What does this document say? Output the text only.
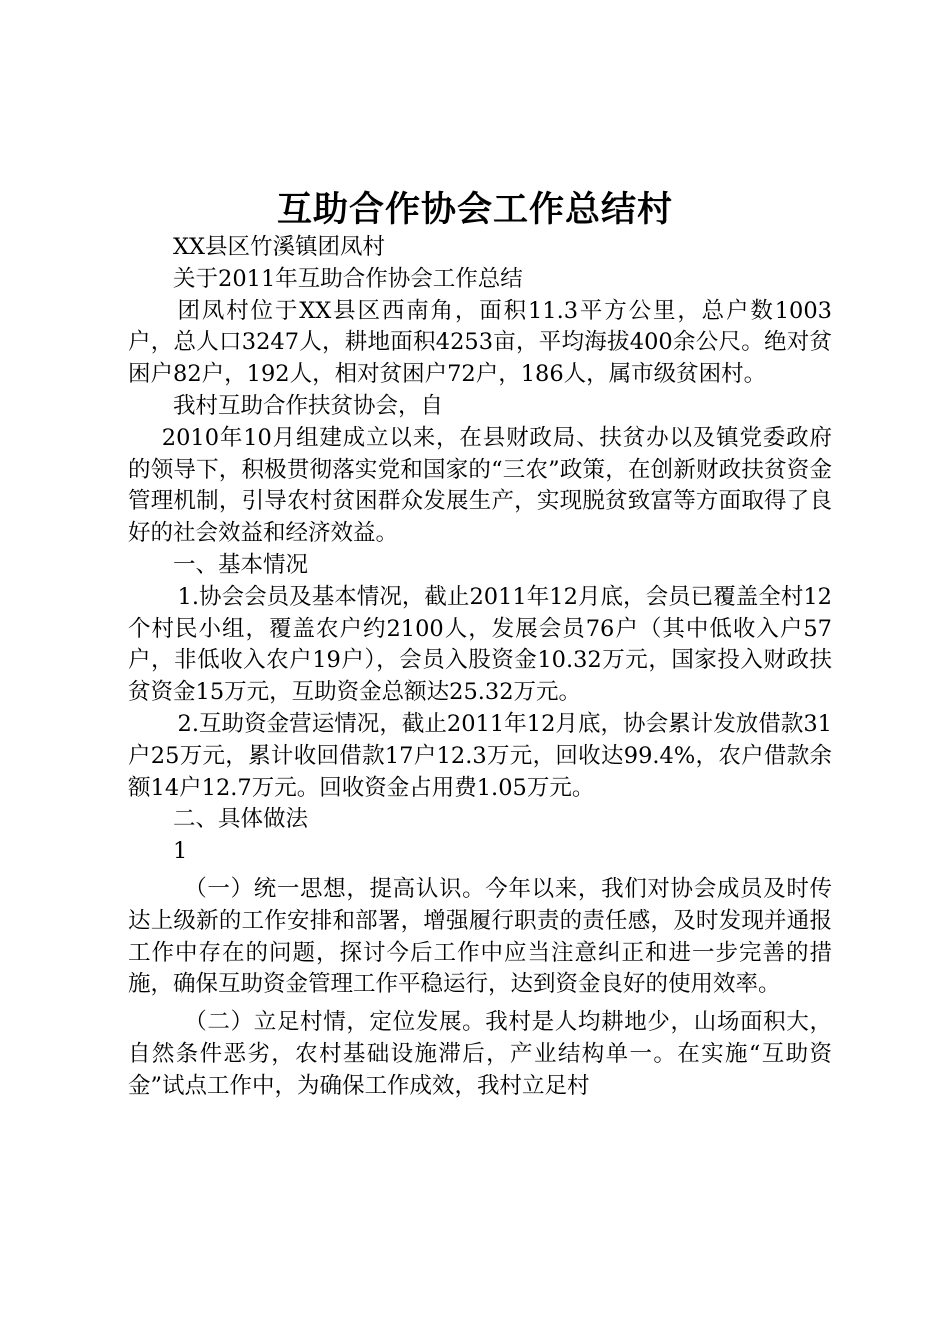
互助合作协会工作总结村

XX县区竹溪镇团凤村

关于2011年互助合作协会工作总结

团凤村位于XX县区西南角，面积11.3平方公里，总户数1003户，总人口3247人，耕地面积4253亩，平均海拔400余公尺。绝对贫困户82户，192人，相对贫困户72户，186人，属市级贫困村。

我村互助合作扶贫协会，自

2010年10月组建成立以来，在县财政局、扶贫办以及镇党委政府的领导下，积极贯彻落实党和国家的“三农”政策，在创新财政扶贫资金管理机制，引导农村贫困群众发展生产，实现脱贫致富等方面取得了良好的社会效益和经济效益。

一、基本情况

1.协会会员及基本情况，截止2011年12月底，会员已覆盖全村12个村民小组，覆盖农户约2100人，发展会员76户（其中低收入户57户，非低收入农户19户），会员入股资金10.32万元，国家投入财政扶贫资金15万元，互助资金总额达25.32万元。

2.互助资金营运情况，截止2011年12月底，协会累计发放借款31户25万元，累计收回借款17户12.3万元，回收达99.4%，农户借款余额14户12.7万元。回收资金占用费1.05万元。

二、具体做法

1

（一）统一思想，提高认识。今年以来，我们对协会成员及时传达上级新的工作安排和部署，增强履行职责的责任感，及时发现并通报工作中存在的问题，探讨今后工作中应当注意纠正和进一步完善的措施，确保互助资金管理工作平稳运行，达到资金良好的使用效率。

（二）立足村情，定位发展。我村是人均耕地少，山场面积大，自然条件恶劣，农村基础设施滞后，产业结构单一。在实施“互助资金”试点工作中，为确保工作成效，我村立足村
